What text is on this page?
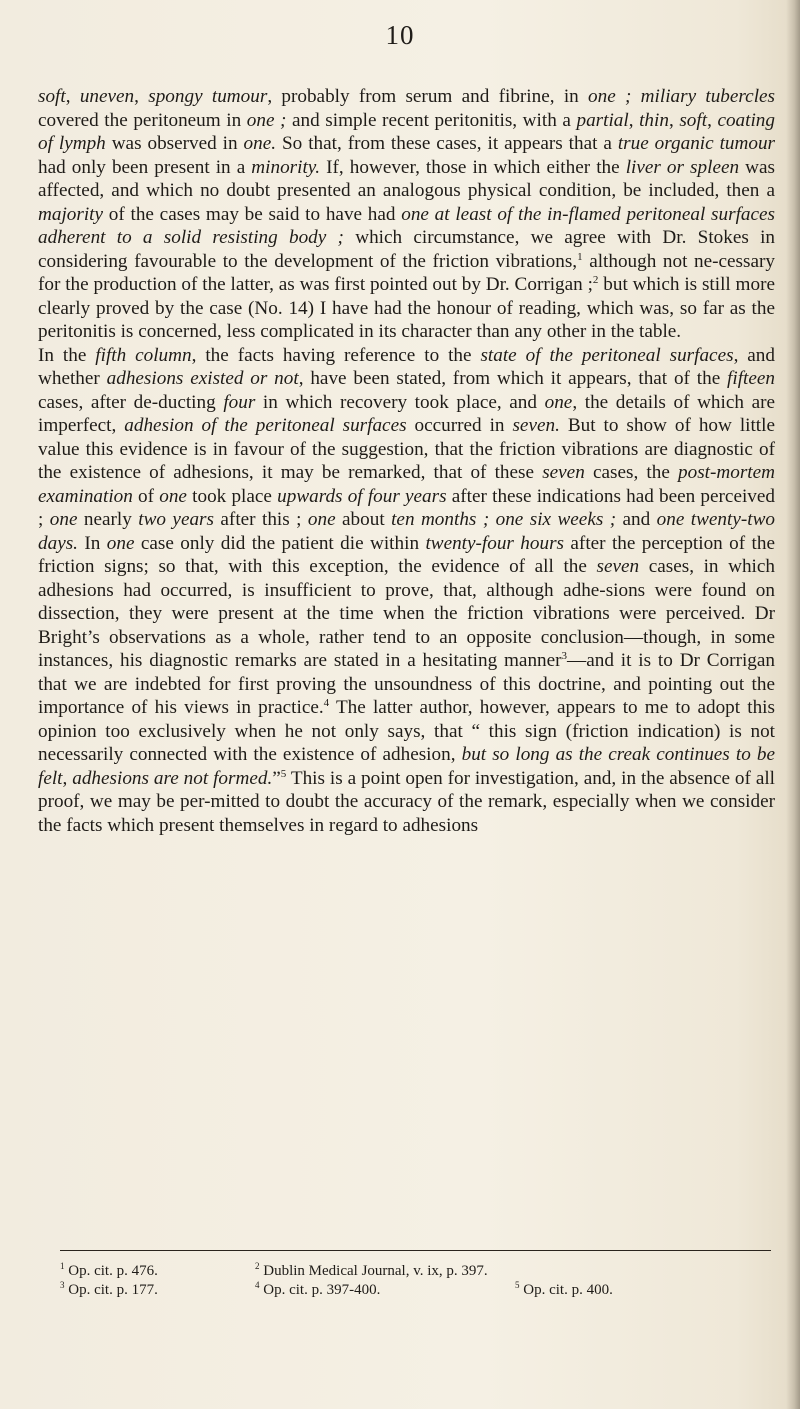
10

soft, uneven, spongy tumour, probably from serum and fibrine, in one ; miliary tubercles covered the peritoneum in one ; and simple recent peritonitis, with a partial, thin, soft, coating of lymph was observed in one. So that, from these cases, it appears that a true organic tumour had only been present in a minority. If, however, those in which either the liver or spleen was affected, and which no doubt presented an analogous physical condition, be included, then a majority of the cases may be said to have had one at least of the in-flamed peritoneal surfaces adherent to a solid resisting body ; which circumstance, we agree with Dr. Stokes in considering favourable to the development of the friction vibrations,$^1$ although not ne-cessary for the production of the latter, as was first pointed out by Dr. Corrigan ;$^2$ but which is still more clearly proved by the case (No. 14) I have had the honour of reading, which was, so far as the peritonitis is concerned, less complicated in its character than any other in the table.

In the fifth column, the facts having reference to the state of the peritoneal surfaces, and whether adhesions existed or not, have been stated, from which it appears, that of the fifteen cases, after de-ducting four in which recovery took place, and one, the details of which are imperfect, adhesion of the peritoneal surfaces occurred in seven. But to show of how little value this evidence is in favour of the suggestion, that the friction vibrations are diagnostic of the existence of adhesions, it may be remarked, that of these seven cases, the post-mortem examination of one took place upwards of four years after these indications had been perceived ; one nearly two years after this ; one about ten months ; one six weeks ; and one twenty-two days. In one case only did the patient die within twenty-four hours after the perception of the friction signs; so that, with this exception, the evidence of all the seven cases, in which adhesions had occurred, is insufficient to prove, that, although adhe-sions were found on dissection, they were present at the time when the friction vibrations were perceived. Dr Bright’s observations as a whole, rather tend to an opposite conclusion—though, in some instances, his diagnostic remarks are stated in a hesitating manner$^3$—and it is to Dr Corrigan that we are indebted for first proving the unsoundness of this doctrine, and pointing out the importance of his views in practice.$^4$ The latter author, however, appears to me to adopt this opinion too exclusively when he not only says, that “ this sign (friction indication) is not necessarily connected with the existence of adhesion, but so long as the creak continues to be felt, adhesions are not formed.”$^5$ This is a point open for investigation, and, in the absence of all proof, we may be per-mitted to doubt the accuracy of the remark, especially when we consider the facts which present themselves in regard to adhesions

$^1$ Op. cit. p. 476.	$^2$ Dublin Medical Journal, v. ix, p. 397.
$^3$ Op. cit. p. 177.	$^4$ Op. cit. p. 397-400.	$^5$ Op. cit. p. 400.
